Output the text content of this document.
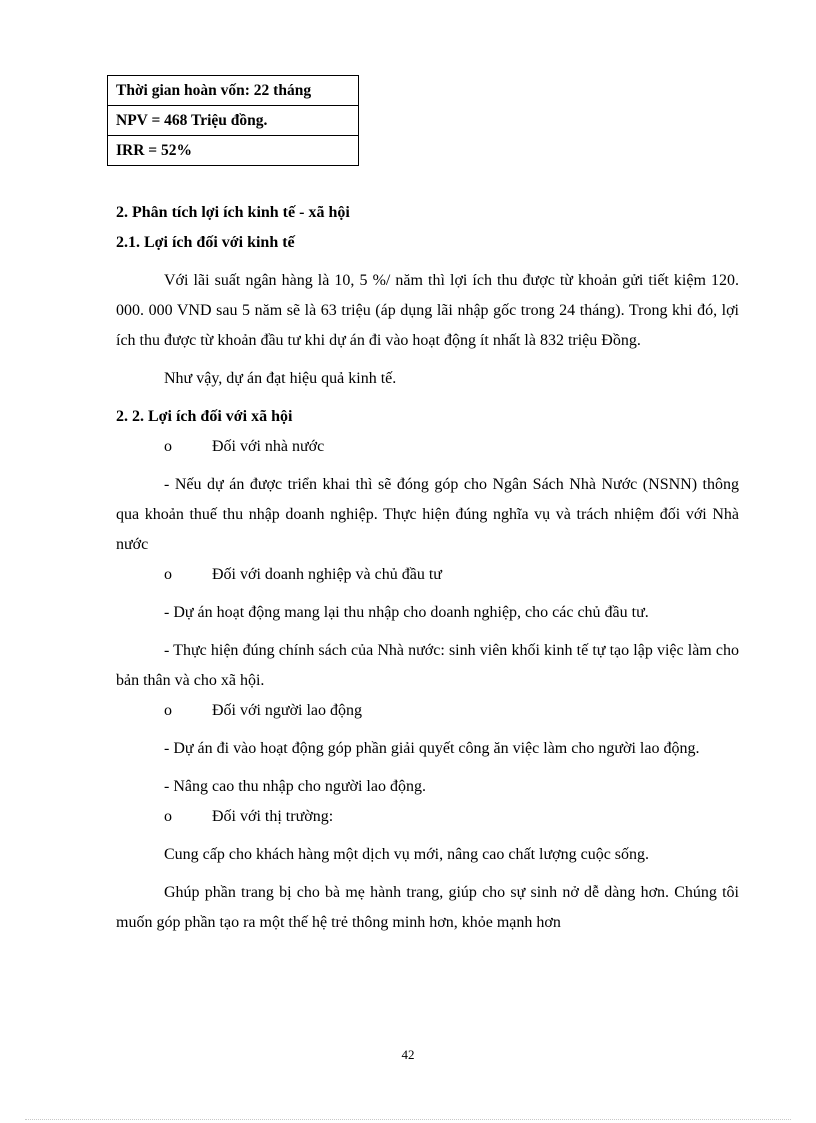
Thời gian hoàn vốn: 22 tháng
NPV = 468 Triệu đồng.
IRR = 52%

2. Phân tích lợi ích kinh tế - xã hội

2.1. Lợi ích đối với kinh tế

Với lãi suất ngân hàng là 10, 5 %/ năm thì lợi ích thu được từ khoản gửi tiết kiệm 120. 000. 000 VND sau 5 năm sẽ là 63 triệu (áp dụng lãi nhập gốc trong 24 tháng). Trong khi đó, lợi ích thu được từ khoản đầu tư khi dự án đi vào hoạt động ít nhất là 832 triệu Đồng.

Như vậy, dự án đạt hiệu quả kinh tế.

2. 2. Lợi ích đối với xã hội

o	Đối với nhà nước

- Nếu dự án được triển khai thì sẽ đóng góp cho Ngân Sách Nhà Nước (NSNN) thông qua khoản thuế thu nhập doanh nghiệp. Thực hiện đúng nghĩa vụ và trách nhiệm đối với Nhà nước

o	Đối với doanh nghiệp và chủ đầu tư

- Dự án hoạt động mang lại thu nhập cho doanh nghiệp, cho các chủ đầu tư.

- Thực hiện đúng chính sách của Nhà nước: sinh viên khối kinh tế tự tạo lập việc làm cho bản thân và cho xã hội.

o	Đối với người lao động

- Dự án đi vào hoạt động góp phần giải quyết công ăn việc làm cho người lao động.

- Nâng cao thu nhập cho người lao động.

o	Đối với thị trường:

Cung cấp cho khách hàng một dịch vụ mới, nâng cao chất lượng cuộc sống.

Ghúp phần trang bị cho bà mẹ hành trang, giúp cho sự sinh nở dễ dàng hơn. Chúng tôi muốn góp phần tạo ra một thế hệ trẻ thông minh hơn, khỏe mạnh hơn

42
